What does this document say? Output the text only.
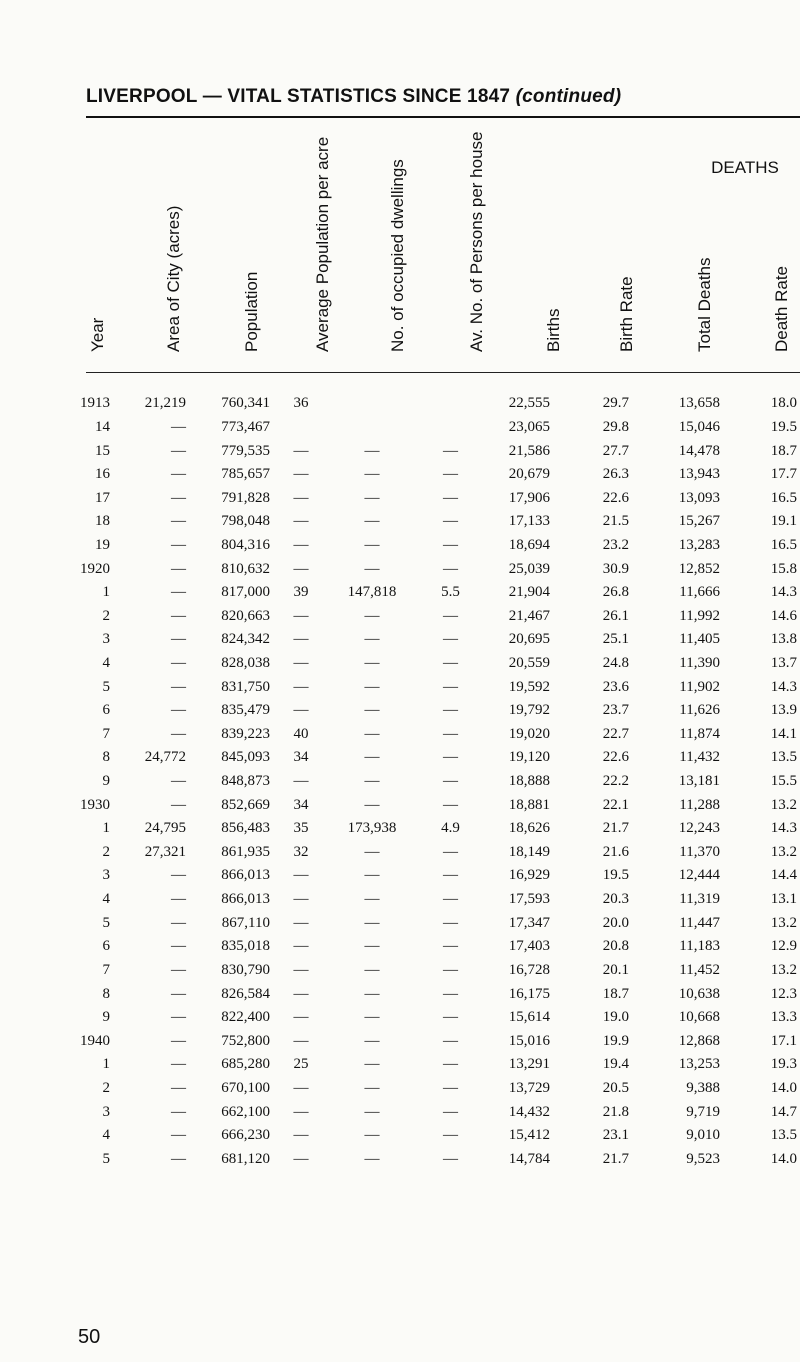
LIVERPOOL — VITAL STATISTICS SINCE 1847 (continued)
DEATHS
Year	Area of City (acres)	Population	Average Population per acre	No. of occupied dwellings	Av. No. of Persons per house	Births	Birth Rate	Total Deaths	Death Rate
1913	21,219	760,341	36			22,555	29.7	13,658	18.0
14	—	773,467				23,065	29.8	15,046	19.5
15	—	779,535	—	—	—	21,586	27.7	14,478	18.7
16	—	785,657	—	—	—	20,679	26.3	13,943	17.7
17	—	791,828	—	—	—	17,906	22.6	13,093	16.5
18	—	798,048	—	—	—	17,133	21.5	15,267	19.1
19	—	804,316	—	—	—	18,694	23.2	13,283	16.5
1920	—	810,632	—	—	—	25,039	30.9	12,852	15.8
1	—	817,000	39	147,818	5.5	21,904	26.8	11,666	14.3
2	—	820,663	—	—	—	21,467	26.1	11,992	14.6
3	—	824,342	—	—	—	20,695	25.1	11,405	13.8
4	—	828,038	—	—	—	20,559	24.8	11,390	13.7
5	—	831,750	—	—	—	19,592	23.6	11,902	14.3
6	—	835,479	—	—	—	19,792	23.7	11,626	13.9
7	—	839,223	40	—	—	19,020	22.7	11,874	14.1
8	24,772	845,093	34	—	—	19,120	22.6	11,432	13.5
9	—	848,873	—	—	—	18,888	22.2	13,181	15.5
1930	—	852,669	34	—	—	18,881	22.1	11,288	13.2
1	24,795	856,483	35	173,938	4.9	18,626	21.7	12,243	14.3
2	27,321	861,935	32	—	—	18,149	21.6	11,370	13.2
3	—	866,013	—	—	—	16,929	19.5	12,444	14.4
4	—	866,013	—	—	—	17,593	20.3	11,319	13.1
5	—	867,110	—	—	—	17,347	20.0	11,447	13.2
6	—	835,018	—	—	—	17,403	20.8	11,183	12.9
7	—	830,790	—	—	—	16,728	20.1	11,452	13.2
8	—	826,584	—	—	—	16,175	18.7	10,638	12.3
9	—	822,400	—	—	—	15,614	19.0	10,668	13.3
1940	—	752,800	—	—	—	15,016	19.9	12,868	17.1
1	—	685,280	25	—	—	13,291	19.4	13,253	19.3
2	—	670,100	—	—	—	13,729	20.5	9,388	14.0
3	—	662,100	—	—	—	14,432	21.8	9,719	14.7
4	—	666,230	—	—	—	15,412	23.1	9,010	13.5
5	—	681,120	—	—	—	14,784	21.7	9,523	14.0
50
